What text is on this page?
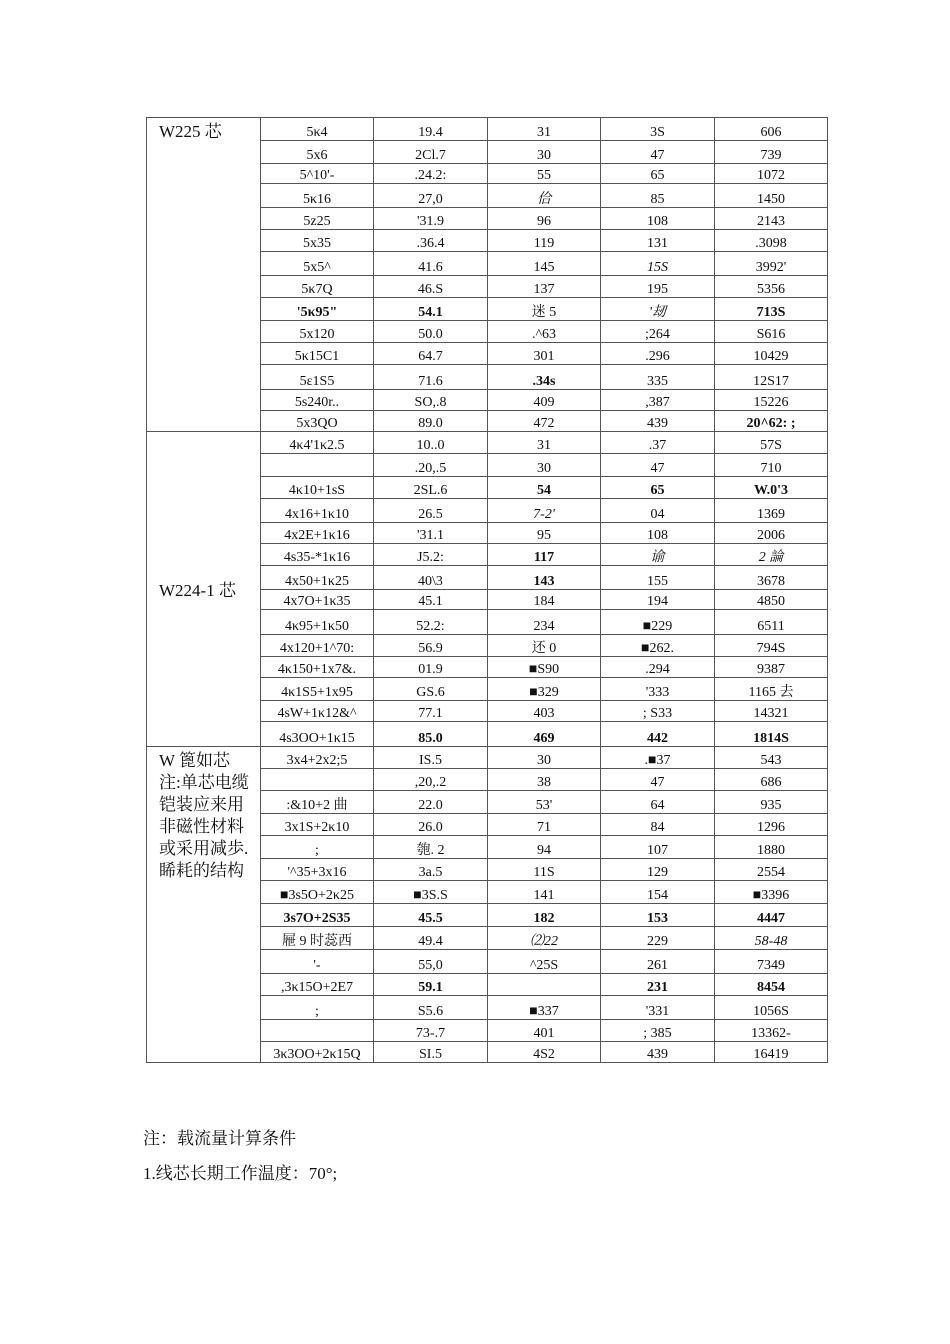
W225 芯	5κ4	19.4	31	3S	606
	5x6	2Cl.7	30	47	739
	5^10'-	.24.2:	55	65	1072
	5κ16	27,0	佮	85	1450
	5z25	'31.9	96	108	2143
	5x35	.36.4	119	131	.3098
	5x5^	41.6	145	15S	3992'
	5κ7Q	46.S	137	195	5356
	'5κ95"	54.1	迷 5	'刼	713S
	5x120	50.0	.^63	;264	S616
	5κ15C1	64.7	301	.296	10429
	5ε1S5	71.6	.34s	335	12S17
	5s240r..	SO,.8	409	,387	15226
	5x3QO	89.0	472	439	20^62: ;
W224-1 芯	4κ4'1κ2.5	10..0	31	.37	57S
		.20,.5	30	47	710
	4κ10+1sS	2SL.6	54	65	W.0'3
	4x16+1κ10	26.5	7-2'	04	1369
	4x2E+1κ16	'31.1	95	108	2006
	4s35-*1κ16	J5.2:	117	谕	2 論
	4x50+1κ25	40\3	143	155	3678
	4x7O+1κ35	45.1	184	194	4850
	4κ95+1κ50	52.2:	234	■229	6511
	4x120+1^70:	56.9	还 0	■262.	794S
	4κ150+1x7&.	01.9	■S90	.294	9387
	4κ1S5+1x95	GS.6	■329	'333	1165 去
	4sW+1κ12&^	77.1	403	; S33	14321
	4s3OO+1κ15	85.0	469	442	1814S
W 篦如芯 注:单芯电缆铠装应来用非磁性材料或采用减歩.睎耗的结构	3x4+2x2;5	IS.5	30	.■37	543
		,20,.2	38	47	686
	:&10+2 曲	22.0	53'	64	935
	3x1S+2κ10	26.0	71	84	1296
	;	匏. 2	94	107	1880
	'^35+3x16	3a.5	11S	129	2554
	■3s5O+2κ25	■3S.S	141	154	■3396
	3s7O+2S35	45.5	182	153	4447
	屜 9 时蕊西	49.4	⑵22	229	58-48
	'-	55,0	^25S	261	7349
	,3κ15O+2E7	59.1		231	8454
	;	S5.6	■337	'331	1056S
		73-.7	401	; 385	13362-
	3κ3OO+2κ15Q	SI.5	4S2	439	16419
注：载流量计算条件
1.线芯长期工作温度：70°;
